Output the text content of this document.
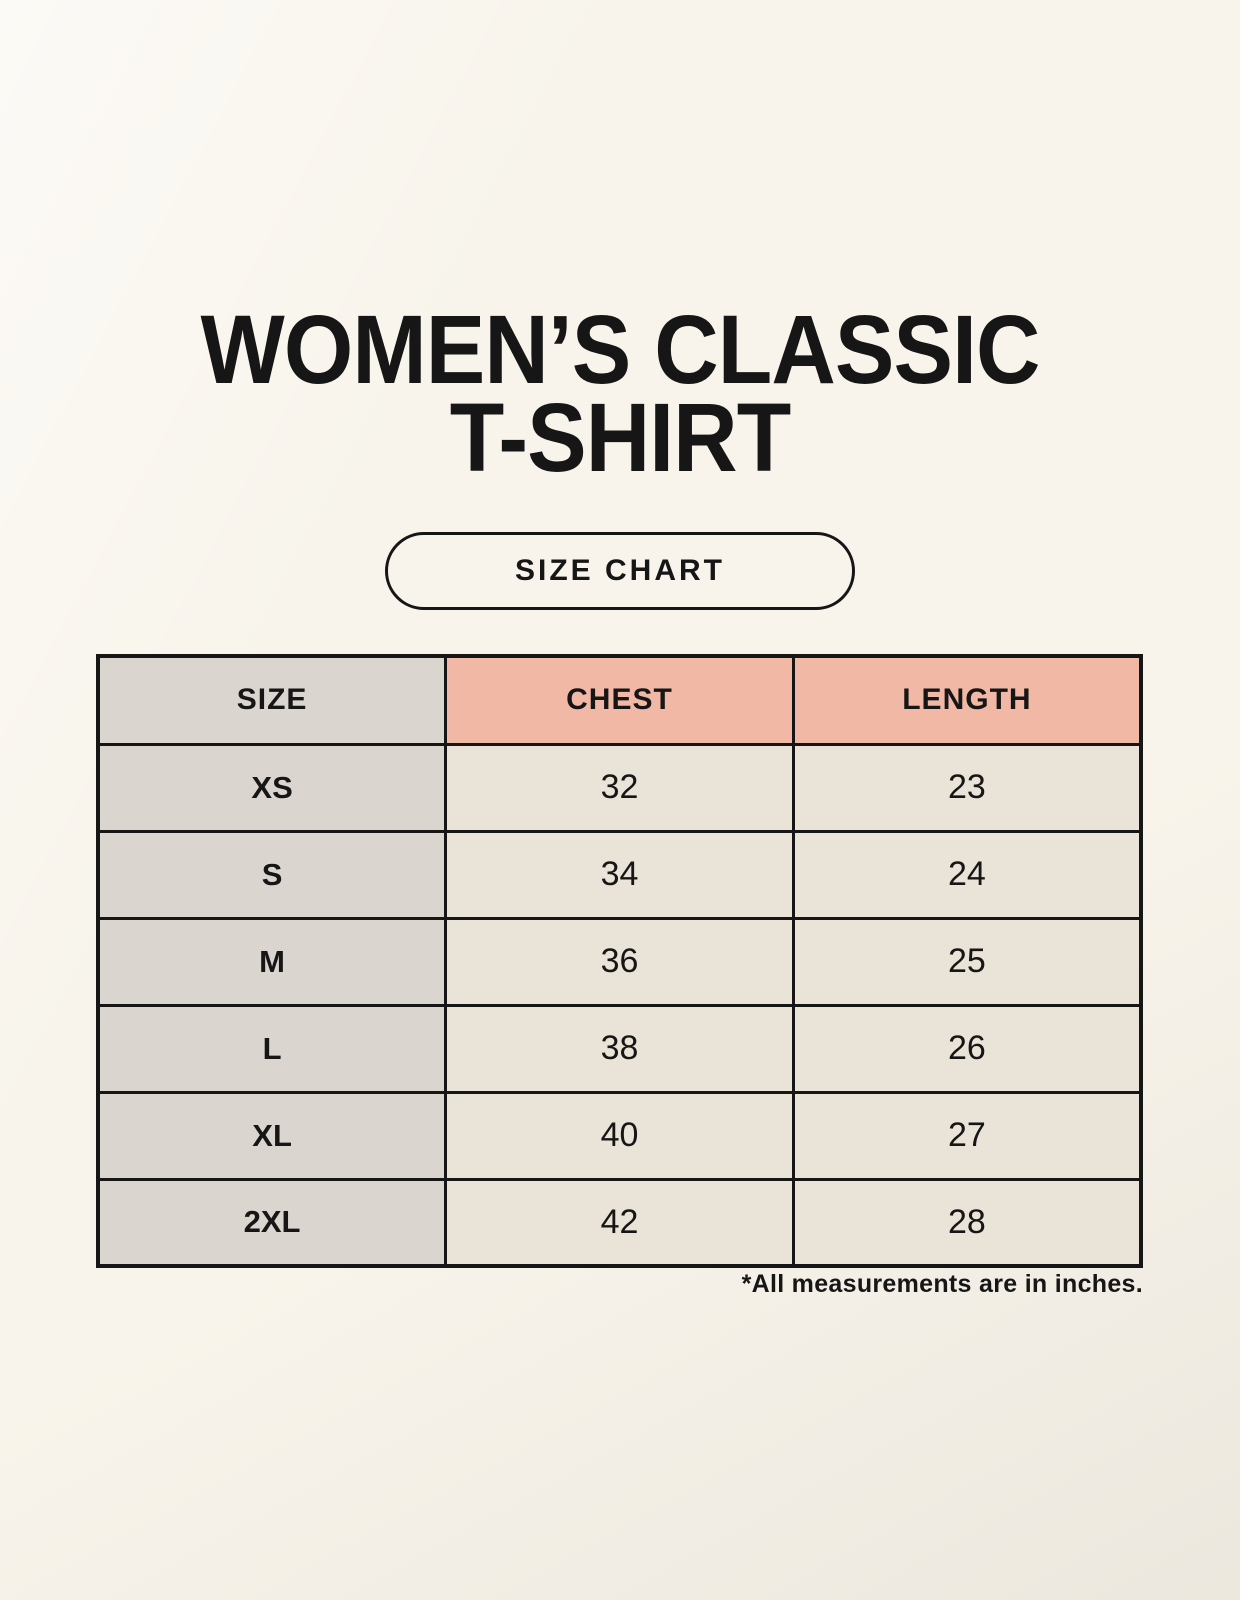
WOMEN’S CLASSIC
T-SHIRT
SIZE CHART
SIZE	CHEST	LENGTH
XS	32	23
S	34	24
M	36	25
L	38	26
XL	40	27
2XL	42	28
*All measurements are in inches.
